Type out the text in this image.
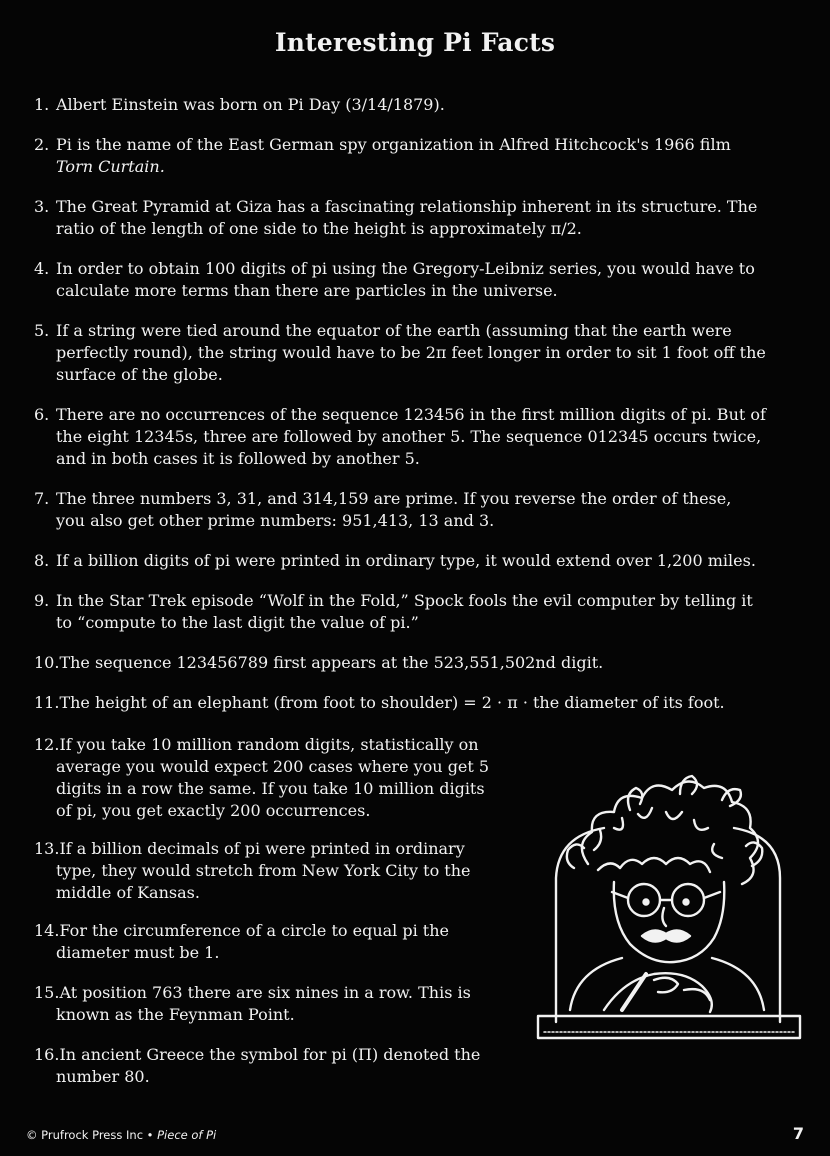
Interesting Pi Facts
1. Albert Einstein was born on Pi Day (3/14/1879).
2. Pi is the name of the East German spy organization in Alfred Hitchcock's 1966 film
Torn Curtain.
3. The Great Pyramid at Giza has a fascinating relationship inherent in its structure. The
ratio of the length of one side to the height is approximately π/2.
4. In order to obtain 100 digits of pi using the Gregory-Leibniz series, you would have to
calculate more terms than there are particles in the universe.
5. If a string were tied around the equator of the earth (assuming that the earth were
perfectly round), the string would have to be 2π feet longer in order to sit 1 foot off the
surface of the globe.
6. There are no occurrences of the sequence 123456 in the first million digits of pi. But of
the eight 12345s, three are followed by another 5. The sequence 012345 occurs twice,
and in both cases it is followed by another 5.
7. The three numbers 3, 31, and 314,159 are prime. If you reverse the order of these,
you also get other prime numbers: 951,413, 13 and 3.
8. If a billion digits of pi were printed in ordinary type, it would extend over 1,200 miles.
9. In the Star Trek episode “Wolf in the Fold,” Spock fools the evil computer by telling it
to “compute to the last digit the value of pi.”
10.The sequence 123456789 first appears at the 523,551,502nd digit.
11.The height of an elephant (from foot to shoulder) = 2 · π · the diameter of its foot.
12.If you take 10 million random digits, statistically on
average you would expect 200 cases where you get 5
digits in a row the same. If you take 10 million digits
of pi, you get exactly 200 occurrences.
13.If a billion decimals of pi were printed in ordinary
type, they would stretch from New York City to the
middle of Kansas.
14.For the circumference of a circle to equal pi the
diameter must be 1.
15.At position 763 there are six nines in a row. This is
known as the Feynman Point.
16.In ancient Greece the symbol for pi (Π) denoted the
number 80.
© Prufrock Press Inc • Piece of Pi	7
